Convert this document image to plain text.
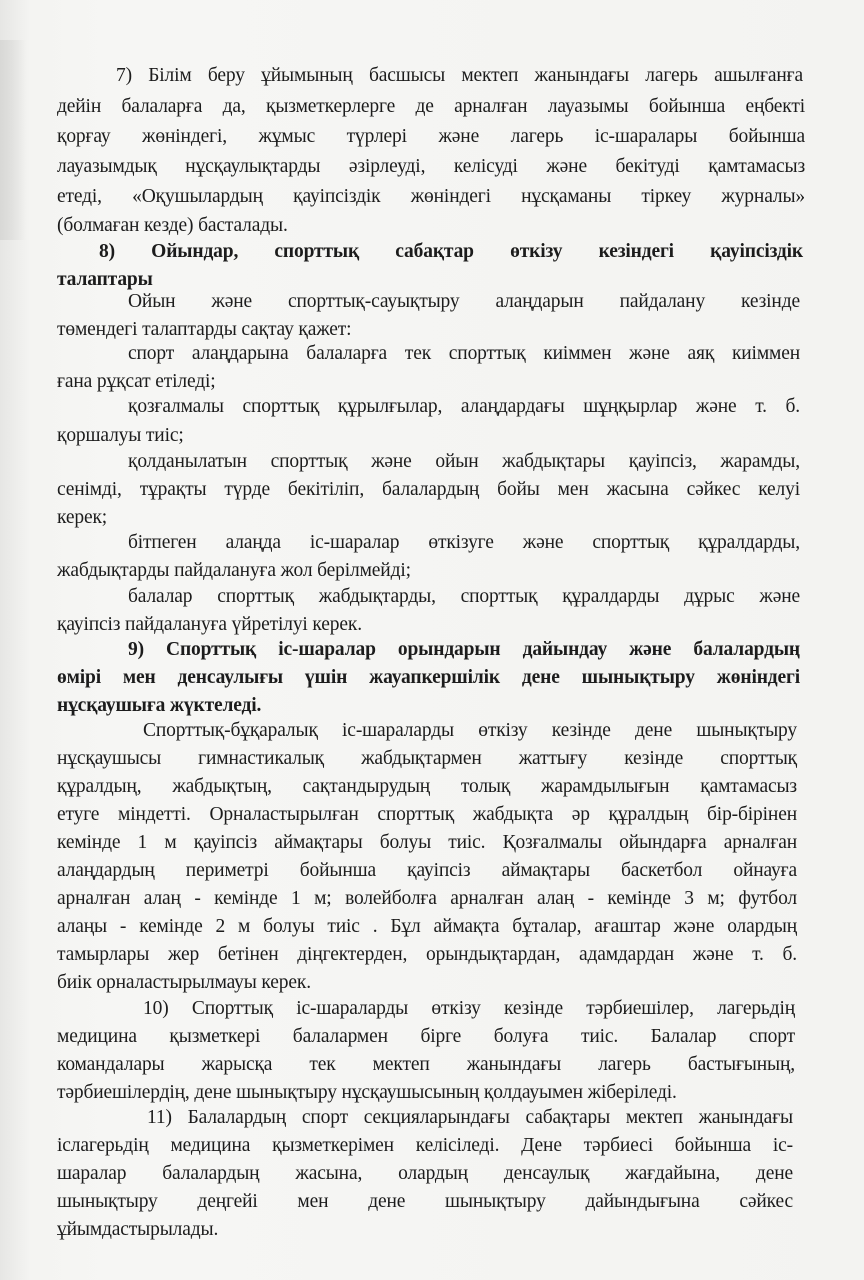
7) Білім беру ұйымының басшысы мектеп жанындағы лагерь ашылғанға
дейін балаларға да, қызметкерлерге де арналған лауазымы бойынша еңбекті
қорғау жөніндегі, жұмыс түрлері және лагерь іс-шаралары бойынша
лауазымдық нұсқаулықтарды әзірлеуді, келісуді және бекітуді қамтамасыз
етеді, «Оқушылардың қауіпсіздік жөніндегі нұсқаманы тіркеу журналы»
(болмаған кезде) басталады.
8) Ойындар, спорттық сабақтар өткізу кезіндегі қауіпсіздік
талаптары
Ойын және спорттық-сауықтыру алаңдарын пайдалану кезінде
төмендегі талаптарды сақтау қажет:
спорт алаңдарына балаларға тек спорттық киіммен және аяқ киіммен
ғана рұқсат етіледі;
қозғалмалы спорттық құрылғылар, алаңдардағы шұңқырлар және т. б.
қоршалуы тиіс;
қолданылатын спорттық және ойын жабдықтары қауіпсіз, жарамды,
сенімді, тұрақты түрде бекітіліп, балалардың бойы мен жасына сәйкес келуі
керек;
бітпеген алаңда іс-шаралар өткізуге және спорттық құралдарды,
жабдықтарды пайдалануға жол берілмейді;
балалар спорттық жабдықтарды, спорттық құралдарды дұрыс және
қауіпсіз пайдалануға үйретілуі керек.
9) Спорттық іс-шаралар орындарын дайындау және балалардың
өмірі мен денсаулығы үшін жауапкершілік дене шынықтыру жөніндегі
нұсқаушыға жүктеледі.
Спорттық-бұқаралық іс-шараларды өткізу кезінде дене шынықтыру
нұсқаушысы гимнастикалық жабдықтармен жаттығу кезінде спорттық
құралдың, жабдықтың, сақтандырудың толық жарамдылығын қамтамасыз
етуге міндетті. Орналастырылған спорттық жабдықта әр құралдың бір-бірінен
кемінде 1 м қауіпсіз аймақтары болуы тиіс. Қозғалмалы ойындарға арналған
алаңдардың периметрі бойынша қауіпсіз аймақтары баскетбол ойнауға
арналған алаң - кемінде 1 м; волейболға арналған алаң - кемінде 3 м; футбол
алаңы - кемінде 2 м болуы тиіс . Бұл аймақта бұталар, ағаштар және олардың
тамырлары жер бетінен діңгектерден, орындықтардан, адамдардан және т. б.
биік орналастырылмауы керек.
10) Спорттық іс-шараларды өткізу кезінде тәрбиешілер, лагерьдің
медицина қызметкері балалармен бірге болуға тиіс. Балалар спорт
командалары жарысқа тек мектеп жанындағы лагерь бастығының,
тәрбиешілердің, дене шынықтыру нұсқаушысының қолдауымен жіберіледі.
11) Балалардың спорт секцияларындағы сабақтары мектеп жанындағы
іслагерьдің медицина қызметкерімен келісіледі. Дене тәрбиесі бойынша іс-
шаралар балалардың жасына, олардың денсаулық жағдайына, дене
шынықтыру деңгейі мен дене шынықтыру дайындығына сәйкес
ұйымдастырылады.
